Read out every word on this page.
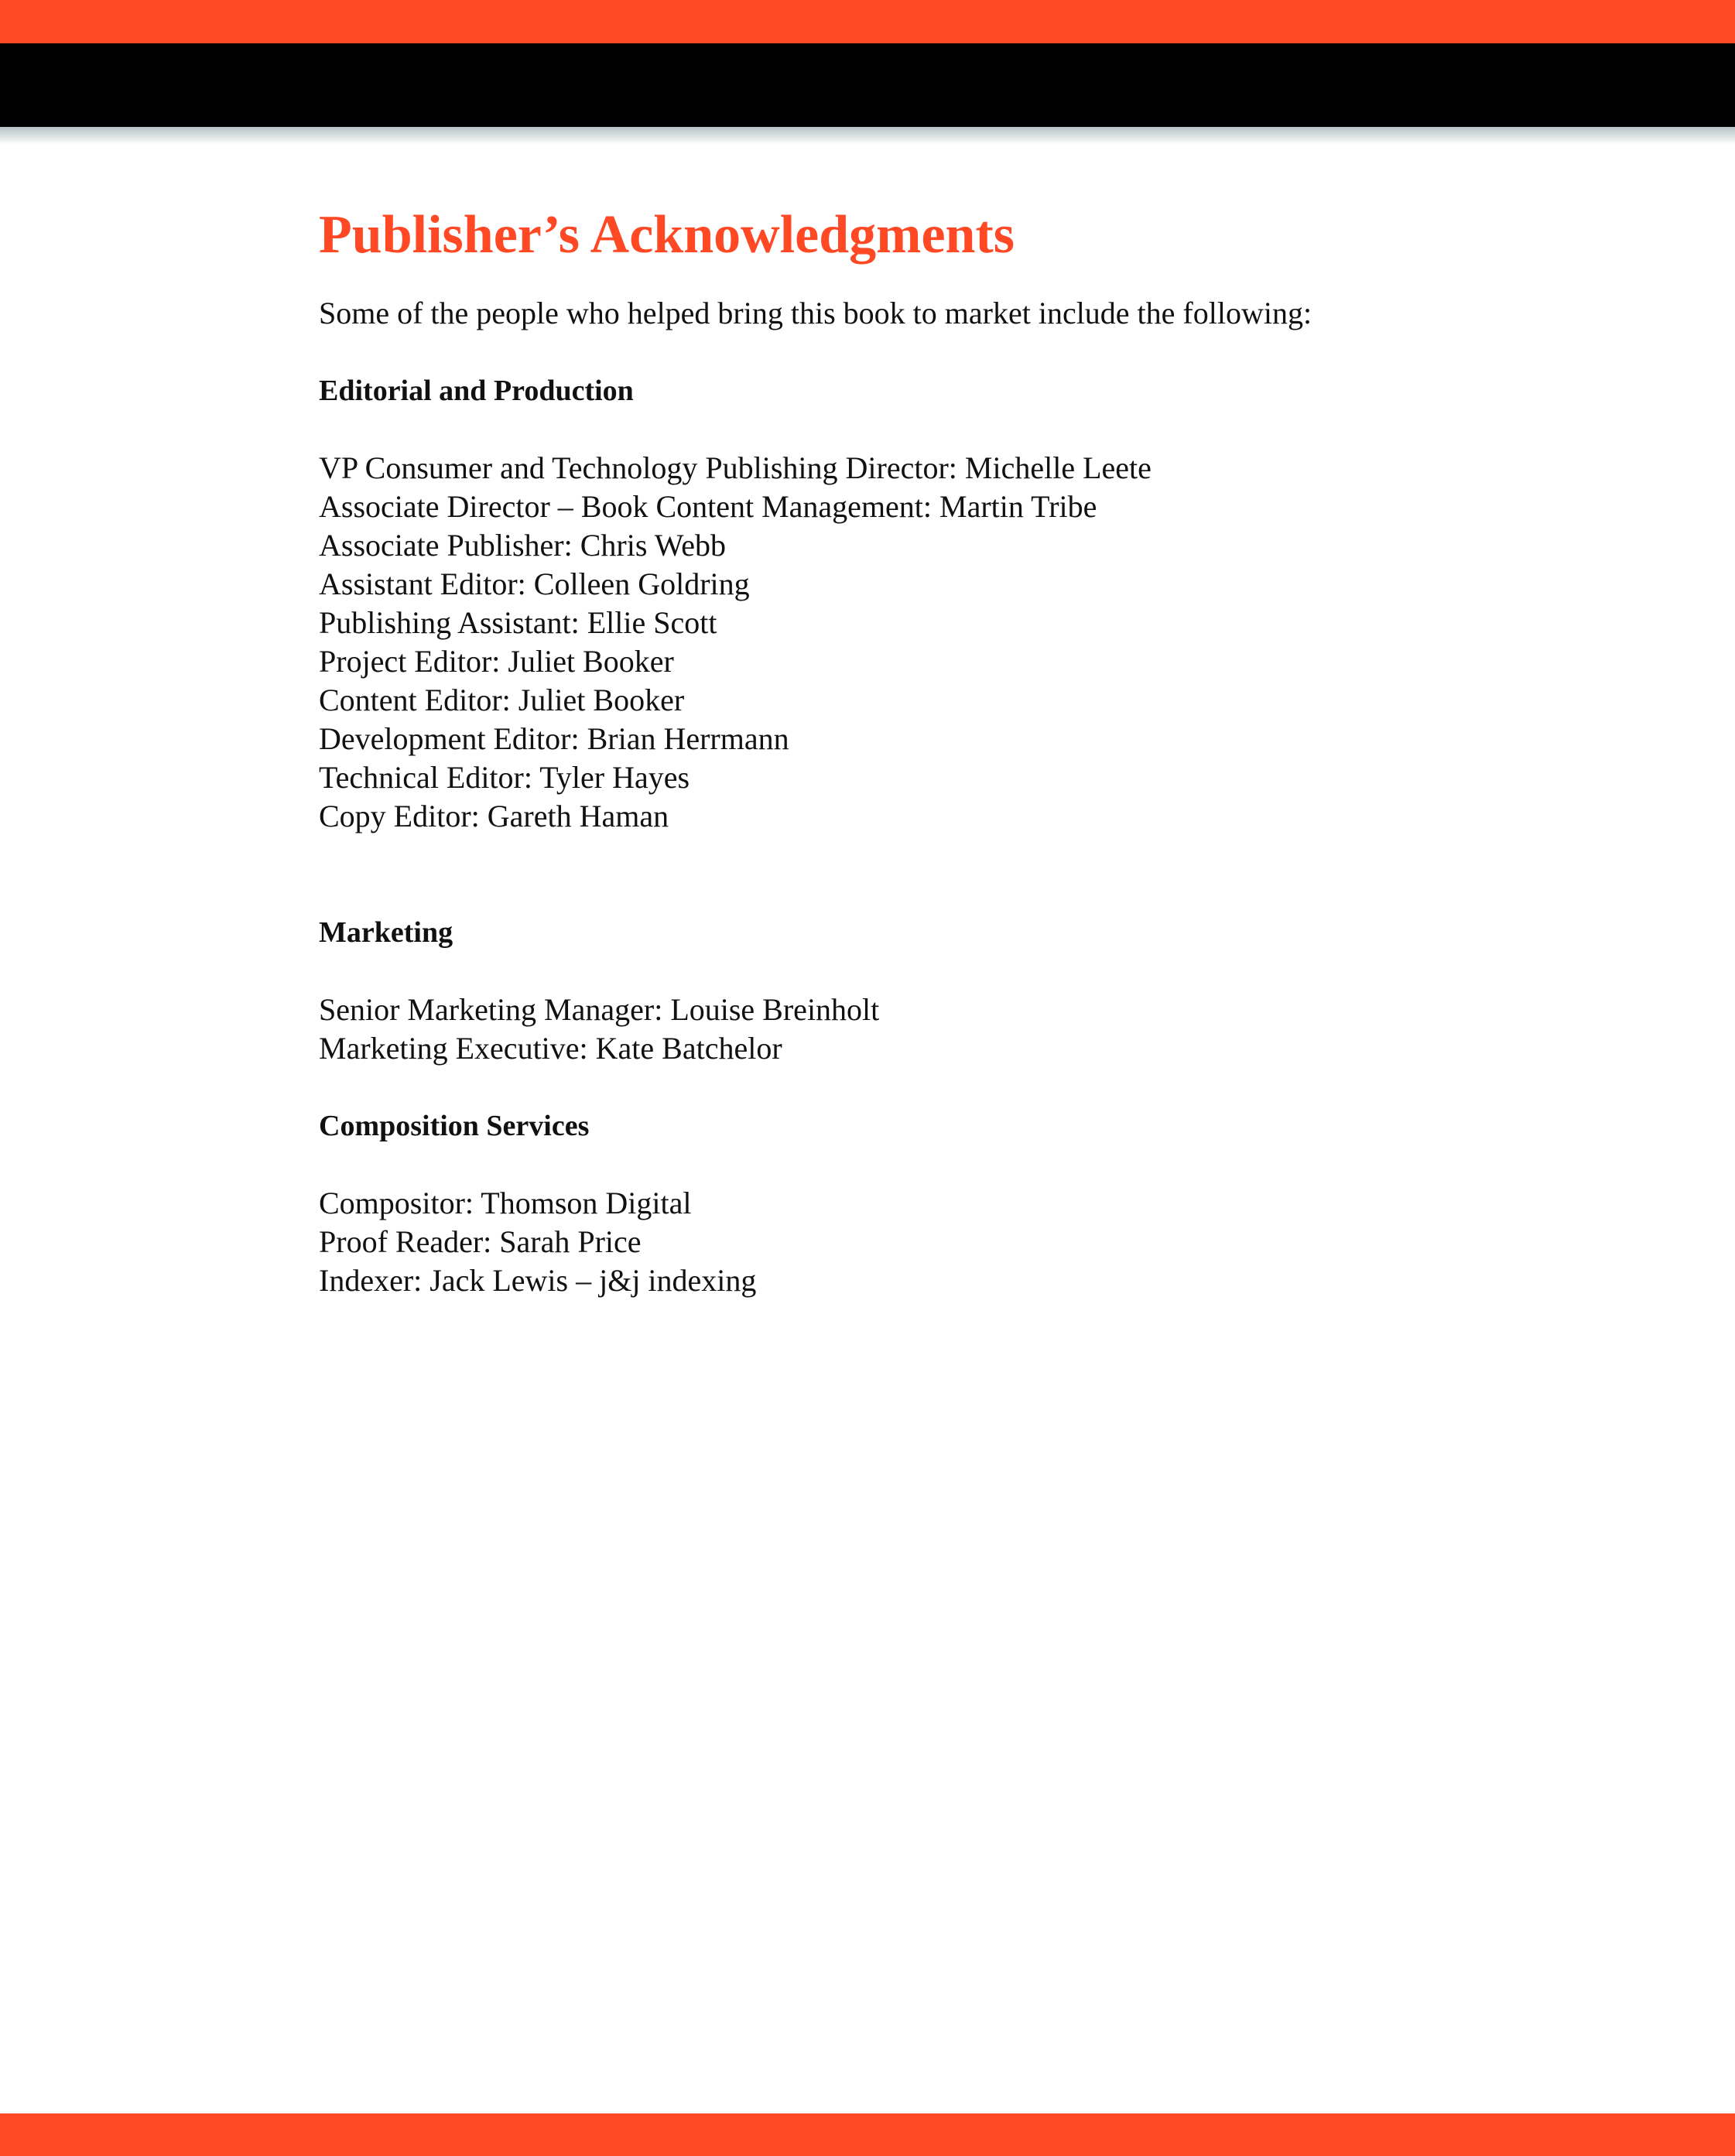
Publisher’s Acknowledgments

Some of the people who helped bring this book to market include the following:

Editorial and Production
VP Consumer and Technology Publishing Director: Michelle Leete
Associate Director – Book Content Management: Martin Tribe
Associate Publisher: Chris Webb
Assistant Editor: Colleen Goldring
Publishing Assistant: Ellie Scott
Project Editor: Juliet Booker
Content Editor: Juliet Booker
Development Editor: Brian Herrmann
Technical Editor: Tyler Hayes
Copy Editor: Gareth Haman
Marketing
Senior Marketing Manager: Louise Breinholt
Marketing Executive: Kate Batchelor
Composition Services
Compositor: Thomson Digital
Proof Reader: Sarah Price
Indexer: Jack Lewis – j&j indexing
